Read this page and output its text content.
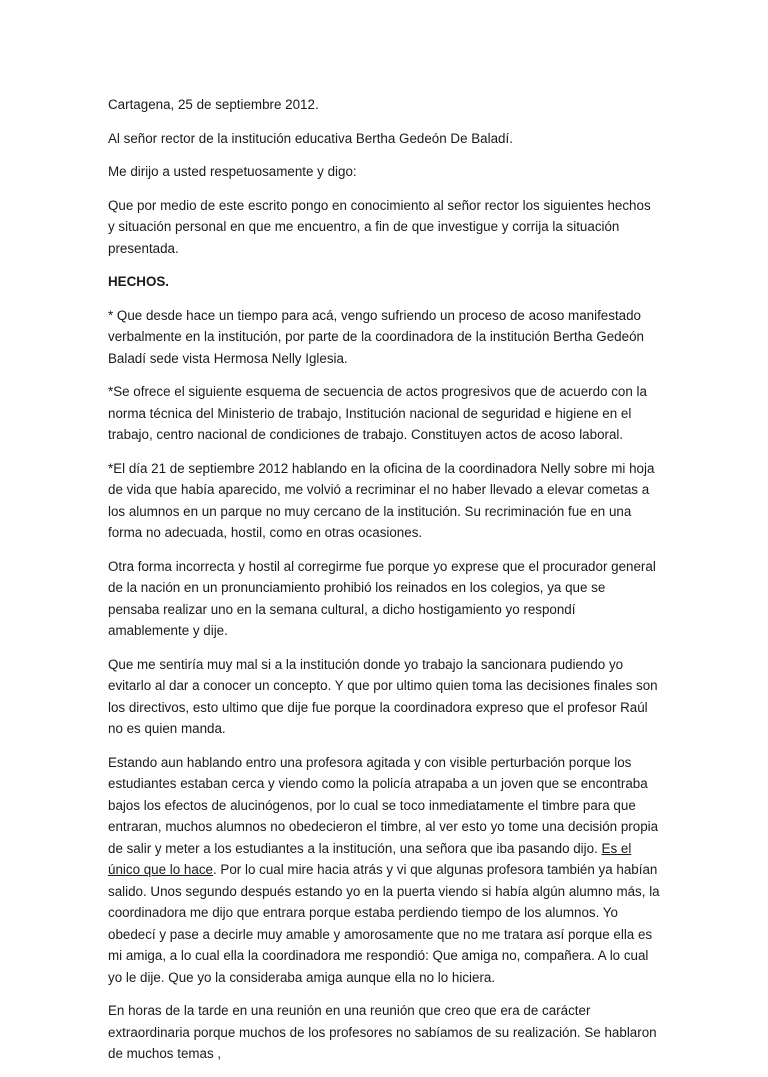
Cartagena, 25 de septiembre 2012.

Al señor rector de la institución educativa Bertha Gedeón De Baladí.

Me dirijo a usted respetuosamente y digo:

Que por medio de este escrito pongo en conocimiento al señor rector los siguientes hechos y situación personal en que me encuentro, a fin de que investigue y corrija la situación presentada.

HECHOS.

* Que desde hace un tiempo para acá, vengo sufriendo un proceso de acoso manifestado verbalmente en la institución, por parte de la coordinadora de la institución Bertha Gedeón Baladí sede vista Hermosa Nelly Iglesia.

*Se ofrece el siguiente esquema de secuencia de actos progresivos que de acuerdo con la norma técnica del Ministerio de trabajo, Institución nacional de seguridad e higiene en el trabajo, centro nacional de condiciones de trabajo. Constituyen actos de acoso laboral.

*El día 21 de septiembre 2012 hablando en la oficina de la coordinadora Nelly sobre mi hoja de vida que había aparecido, me volvió a recriminar el no haber llevado a elevar cometas a los alumnos en un parque no muy cercano de la institución. Su recriminación fue en una forma no adecuada, hostil, como en otras ocasiones.

Otra forma incorrecta y hostil al corregirme fue porque yo exprese que el procurador general de la nación en un pronunciamiento prohibió los reinados en los colegios, ya que se pensaba realizar uno en la semana cultural, a dicho hostigamiento yo respondí amablemente y dije.

Que me sentiría muy mal si a la institución donde yo trabajo la sancionara pudiendo yo evitarlo al dar a conocer un concepto. Y que por ultimo quien toma las decisiones finales son los directivos, esto ultimo que dije fue porque la coordinadora expreso que el profesor Raúl no es quien manda.

Estando aun hablando entro una profesora agitada y con visible perturbación porque los estudiantes estaban cerca y viendo como la policía atrapaba a un joven que se encontraba bajos los efectos de alucinógenos, por lo cual se toco inmediatamente el timbre para que entraran, muchos alumnos no obedecieron el timbre, al ver esto yo tome una decisión propia de salir y meter a los estudiantes a la institución, una señora que iba pasando dijo. Es el único que lo hace. Por lo cual mire hacia atrás y vi que algunas profesora también ya habían salido. Unos segundo después estando yo en la puerta viendo si había algún alumno más, la coordinadora me dijo que entrara porque estaba perdiendo tiempo de los alumnos. Yo obedecí y pase a decirle muy amable y amorosamente que no me tratara así porque ella es mi amiga, a lo cual ella la coordinadora me respondió: Que amiga no, compañera. A lo cual yo le dije. Que yo la consideraba amiga aunque ella no lo hiciera.

En horas de la tarde en una reunión en una reunión que creo que era de carácter extraordinaria porque muchos de los profesores no sabíamos de su realización. Se hablaron de muchos temas ,
